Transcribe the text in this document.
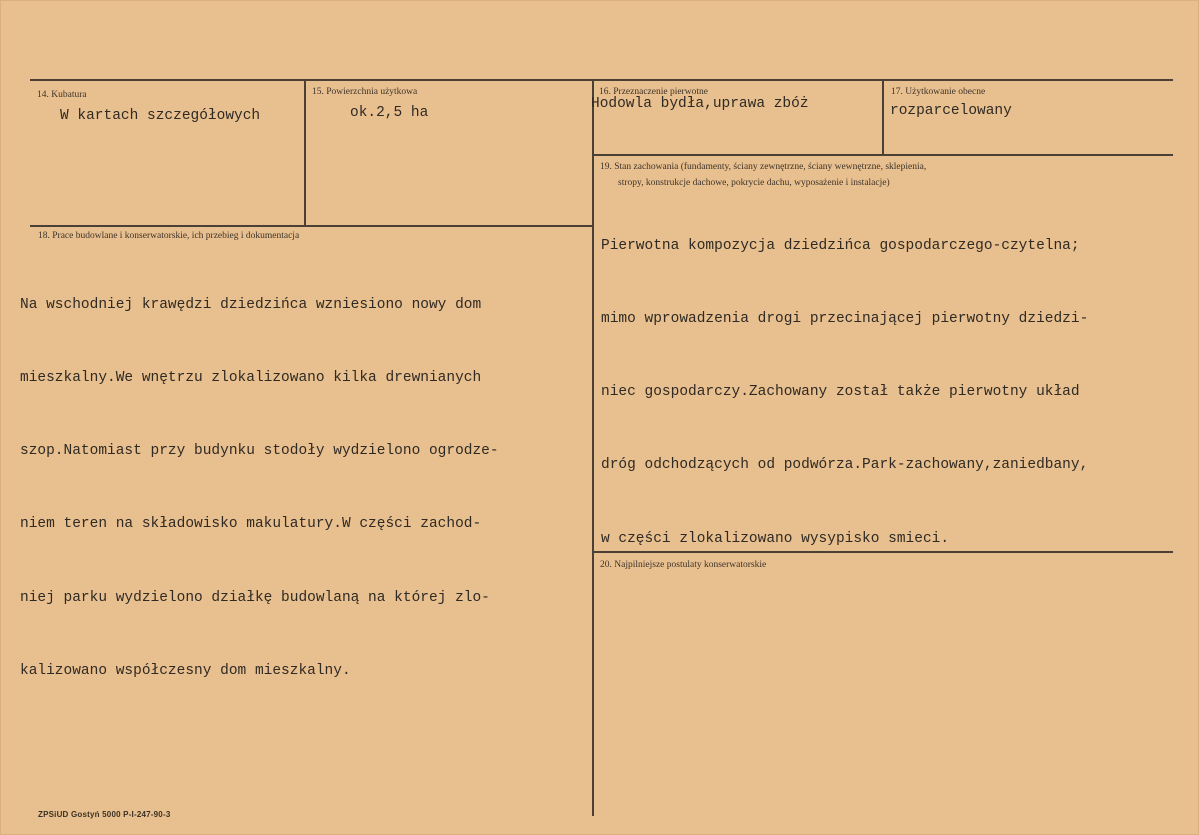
14. Kubatura
W kartach szczegółowych
15. Powierzchnia użytkowa
ok.2,5 ha
16. Przeznaczenie pierwotne
Hodowla bydła,uprawa zbóż
17. Użytkowanie obecne
rozparcelowany
19. Stan zachowania (fundamenty, ściany zewnętrzne, ściany wewnętrzne, sklepienia,
stropy, konstrukcje dachowe, pokrycie dachu, wyposażenie i instalacje)

Pierwotna kompozycja dziedzińca gospodarczego-czytelna;

mimo wprowadzenia drogi przecinającej pierwotny dziedzi-

niec gospodarczy.Zachowany został także pierwotny układ

dróg odchodzących od podwórza.Park-zachowany,zaniedbany,

w części zlokalizowano wysypisko smieci.

18. Prace budowlane i konserwatorskie, ich przebieg i dokumentacja

Na wschodniej krawędzi dziedzińca wzniesiono nowy dom

mieszkalny.We wnętrzu zlokalizowano kilka drewnianych

szop.Natomiast przy budynku stodoły wydzielono ogrodze-

niem teren na składowisko makulatury.W części zachod-

niej parku wydzielono działkę budowlaną na której zlo-

kalizowano współczesny dom mieszkalny.

20. Najpilniejsze postulaty konserwatorskie
ZPSiUD Gostyń 5000 P-I-247-90-3
